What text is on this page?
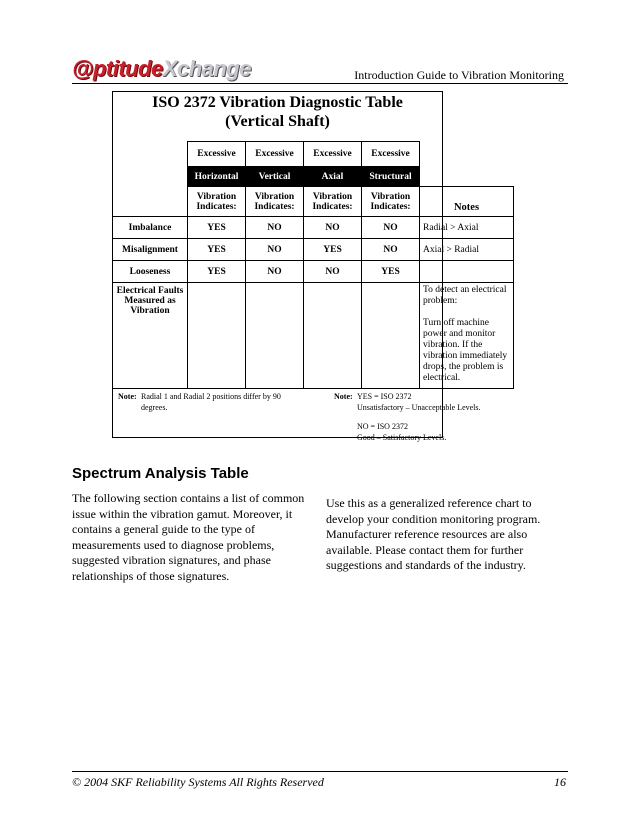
@ptitudeXchange	Introduction Guide to Vibration Monitoring
ISO 2372 Vibration Diagnostic Table
(Vertical Shaft)
	Excessive	Excessive	Excessive	Excessive	
	Horizontal	Vertical	Axial	Structural	
	Vibration Indicates:	Vibration Indicates:	Vibration Indicates:	Vibration Indicates:	Notes
Imbalance	YES	NO	NO	NO	Radial > Axial
Misalignment	YES	NO	YES	NO	Axial > Radial
Looseness	YES	NO	NO	YES	
Electrical Faults Measured as Vibration					To detect an electrical problem:

Turn off machine power and monitor vibration. If the vibration immediately drops, the problem is electrical.

Note: Radial 1 and Radial 2 positions differ by 90 degrees.
Note: YES = ISO 2372
Unsatisfactory – Unacceptable Levels.
NO = ISO 2372
Good – Satisfactory Levels.
Spectrum Analysis Table
The following section contains a list of common issue within the vibration gamut. Moreover, it contains a general guide to the type of measurements used to diagnose problems, suggested vibration signatures, and phase relationships of those signatures.
Use this as a generalized reference chart to develop your condition monitoring program. Manufacturer reference resources are also available. Please contact them for further suggestions and standards of the industry.
© 2004 SKF Reliability Systems All Rights Reserved	16
